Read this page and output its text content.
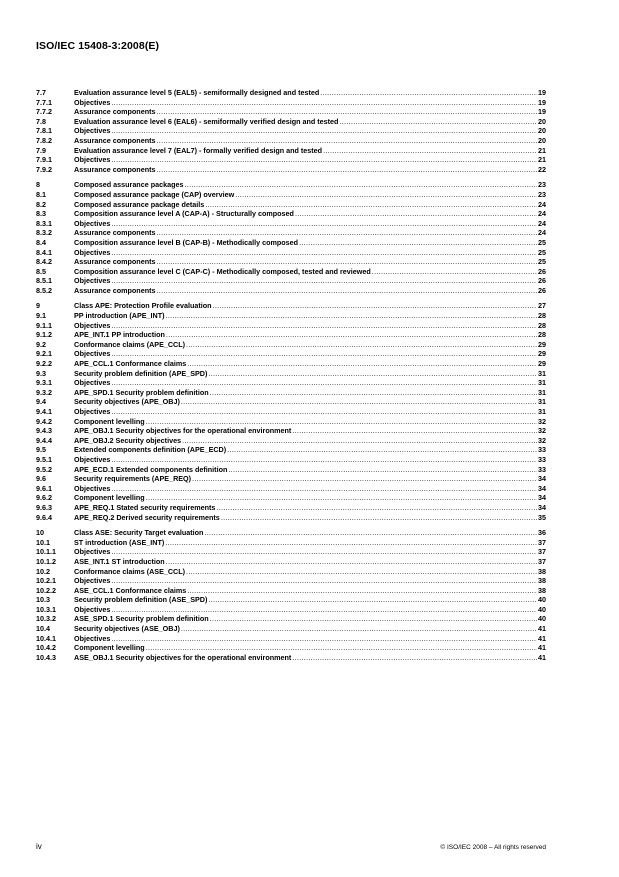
ISO/IEC 15408-3:2008(E)
7.7	Evaluation assurance level 5 (EAL5) - semiformally designed and tested .....	19
7.7.1	Objectives .....	19
7.7.2	Assurance components .....	19
7.8	Evaluation assurance level 6 (EAL6) - semiformally verified design and tested .....	20
7.8.1	Objectives .....	20
7.8.2	Assurance components .....	20
7.9	Evaluation assurance level 7 (EAL7) - formally verified design and tested .....	21
7.9.1	Objectives .....	21
7.9.2	Assurance components .....	22
8	Composed assurance packages .....	23
8.1	Composed assurance package (CAP) overview .....	23
8.2	Composed assurance package details .....	24
8.3	Composition assurance level A (CAP-A) - Structurally composed .....	24
8.3.1	Objectives .....	24
8.3.2	Assurance components .....	24
8.4	Composition assurance level B (CAP-B) - Methodically composed .....	25
8.4.1	Objectives .....	25
8.4.2	Assurance components .....	25
8.5	Composition assurance level C (CAP-C) - Methodically composed, tested and reviewed .....	26
8.5.1	Objectives .....	26
8.5.2	Assurance components .....	26
9	Class APE: Protection Profile evaluation .....	27
9.1	PP introduction (APE_INT) .....	28
9.1.1	Objectives .....	28
9.1.2	APE_INT.1 PP introduction .....	28
9.2	Conformance claims (APE_CCL) .....	29
9.2.1	Objectives .....	29
9.2.2	APE_CCL.1 Conformance claims .....	29
9.3	Security problem definition (APE_SPD) .....	31
9.3.1	Objectives .....	31
9.3.2	APE_SPD.1 Security problem definition .....	31
9.4	Security objectives (APE_OBJ) .....	31
9.4.1	Objectives .....	31
9.4.2	Component levelling .....	32
9.4.3	APE_OBJ.1 Security objectives for the operational environment .....	32
9.4.4	APE_OBJ.2 Security objectives .....	32
9.5	Extended components definition (APE_ECD) .....	33
9.5.1	Objectives .....	33
9.5.2	APE_ECD.1 Extended components definition .....	33
9.6	Security requirements (APE_REQ) .....	34
9.6.1	Objectives .....	34
9.6.2	Component levelling .....	34
9.6.3	APE_REQ.1 Stated security requirements .....	34
9.6.4	APE_REQ.2 Derived security requirements .....	35
10	Class ASE: Security Target evaluation .....	36
10.1	ST introduction (ASE_INT) .....	37
10.1.1	Objectives .....	37
10.1.2	ASE_INT.1 ST introduction .....	37
10.2	Conformance claims (ASE_CCL) .....	38
10.2.1	Objectives .....	38
10.2.2	ASE_CCL.1 Conformance claims .....	38
10.3	Security problem definition (ASE_SPD) .....	40
10.3.1	Objectives .....	40
10.3.2	ASE_SPD.1 Security problem definition .....	40
10.4	Security objectives (ASE_OBJ) .....	41
10.4.1	Objectives .....	41
10.4.2	Component levelling .....	41
10.4.3	ASE_OBJ.1 Security objectives for the operational environment .....	41
iv	© ISO/IEC 2008 – All rights reserved
